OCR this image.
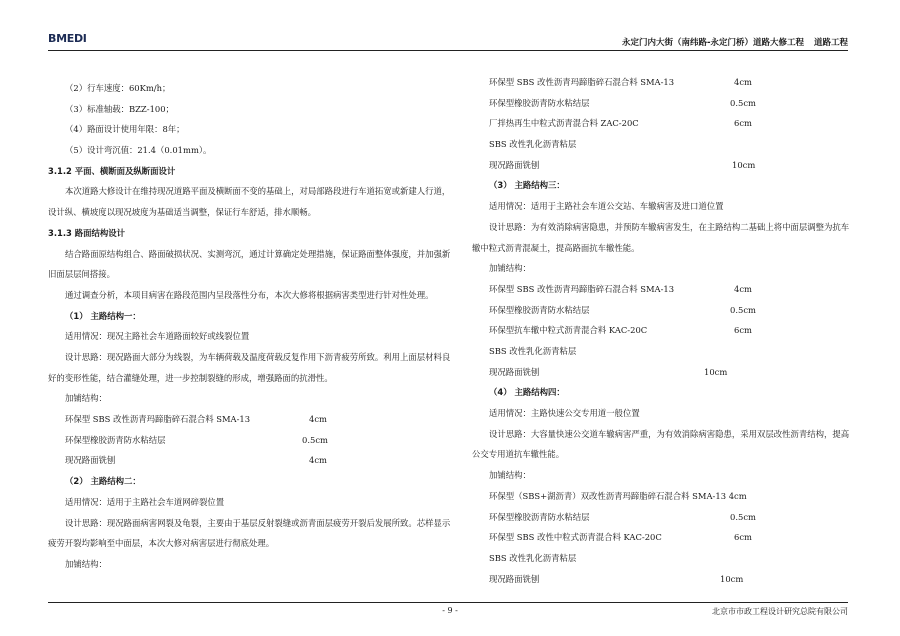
BMEDI	永定门内大街（南纬路-永定门桥）道路大修工程 道路工程
（2）行车速度：60Km/h；
（3）标准轴载：BZZ-100；
（4）路面设计使用年限：8年；
（5）设计弯沉值：21.4（0.01mm）。
3.1.2 平面、横断面及纵断面设计
本次道路大修设计在维持现况道路平面及横断面不变的基础上，对局部路段进行车道拓宽或新建人行道，设计纵、横坡度以现况坡度为基础适当调整，保证行车舒适，排水顺畅。
3.1.3 路面结构设计
结合路面原结构组合、路面破损状况、实测弯沉，通过计算确定处理措施，保证路面整体强度，并加强新旧面层层间搭接。
通过调查分析，本项目病害在路段范围内呈段落性分布，本次大修将根据病害类型进行针对性处理。
（1） 主路结构一：
适用情况：现况主路社会车道路面较好或线裂位置
设计思路：现况路面大部分为线裂，为车辆荷载及温度荷载反复作用下沥青疲劳所致。利用上面层材料良好的变形性能，结合灌缝处理，进一步控制裂缝的形成，增强路面的抗滑性。
加铺结构：
环保型 SBS 改性沥青玛蹄脂碎石混合料 SMA-13	4cm
环保型橡胶沥青防水粘结层	0.5cm
现况路面铣刨	4cm
（2） 主路结构二：
适用情况：适用于主路社会车道网碎裂位置
设计思路：现况路面病害网裂及龟裂，主要由于基层反射裂缝或沥青面层疲劳开裂后发展所致。芯样显示疲劳开裂均影响至中面层，本次大修对病害层进行彻底处理。
加铺结构：
环保型 SBS 改性沥青玛蹄脂碎石混合料 SMA-13	4cm
环保型橡胶沥青防水粘结层	0.5cm
厂拌热再生中粒式沥青混合料 ZAC-20C	6cm
SBS 改性乳化沥青粘层
现况路面铣刨	10cm
（3） 主路结构三：
适用情况：适用于主路社会车道公交站、车辙病害及进口道位置
设计思路：为有效消除病害隐患，并预防车辙病害发生，在主路结构二基础上将中面层调整为抗车辙中粒式沥青混凝土，提高路面抗车辙性能。
加铺结构：
环保型 SBS 改性沥青玛蹄脂碎石混合料 SMA-13	4cm
环保型橡胶沥青防水粘结层	0.5cm
环保型抗车辙中粒式沥青混合料 KAC-20C	6cm
SBS 改性乳化沥青粘层
现况路面铣刨	10cm
（4） 主路结构四：
适用情况：主路快速公交专用道一般位置
设计思路：大容量快速公交道车辙病害严重，为有效消除病害隐患，采用双层改性沥青结构，提高公交专用道抗车辙性能。
加铺结构：
环保型（SBS+湖沥青）双改性沥青玛蹄脂碎石混合料 SMA-13 4cm
环保型橡胶沥青防水粘结层	0.5cm
环保型 SBS 改性中粒式沥青混合料 KAC-20C	6cm
SBS 改性乳化沥青粘层
现况路面铣刨	10cm
- 9 -	北京市市政工程设计研究总院有限公司
